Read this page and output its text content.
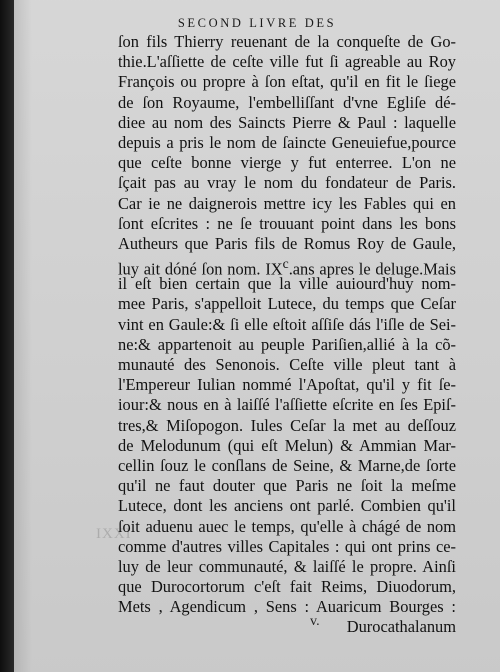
SECOND LIVRE DES
IXXI
ſon fils Thierry reuenant de la conqueſte de Go-
thie.L'aſſiette de ceſte ville fut ſi agreable au Roy
François ou propre à ſon eſtat, qu'il en fit le ſiege
de ſon Royaume, l'embelliſſant d'vne Egliſe dé-
diee au nom des Saincts Pierre & Paul : laquelle
depuis a pris le nom de ſaincte Geneuiefue,pource
que ceſte bonne vierge y fut enterree. L'on ne
ſçait pas au vray le nom du fondateur de Paris.
Car ie ne daignerois mettre icy les Fables qui en
ſont eſcrites : ne ſe trouuant point dans les bons
Autheurs que Paris fils de Romus Roy de Gaule,
luy ait dóné ſon nom. $IX^c.ans$ apres le deluge.Mais
il eſt bien certain que la ville auiourd'huy nom-
mee Paris, s'appelloit Lutece, du temps que Ceſar
vint en Gaule:& ſi elle eſtoit aſſiſe dás l'iſle de Sei-
ne:& appartenoit au peuple Pariſien,allié à la cõ-
munauté des Senonois. Ceſte ville pleut tant à
l'Empereur Iulian nommé l'Apoſtat, qu'il y fit ſe-
iour:& nous en à laiſſé l'aſſiette eſcrite en ſes Epiſ-
tres,& Miſopogon. Iules Ceſar la met au deſſouz
de Melodunum (qui eſt Melun) & Ammian Mar-
cellin ſouz le conſlans de Seine, & Marne,de ſorte
qu'il ne faut douter que Paris ne ſoit la meſme
Lutece, dont les anciens ont parlé. Combien qu'il
ſoit aduenu auec le temps, qu'elle à chágé de nom
comme d'autres villes Capitales : qui ont prins ce-
luy de leur communauté, & laiſſé le propre. Ainſi
que Durocortorum c'eſt fait Reims, Diuodorum,
Mets , Agendicum , Sens : Auaricum Bourges :
Durocathalanum
v.
